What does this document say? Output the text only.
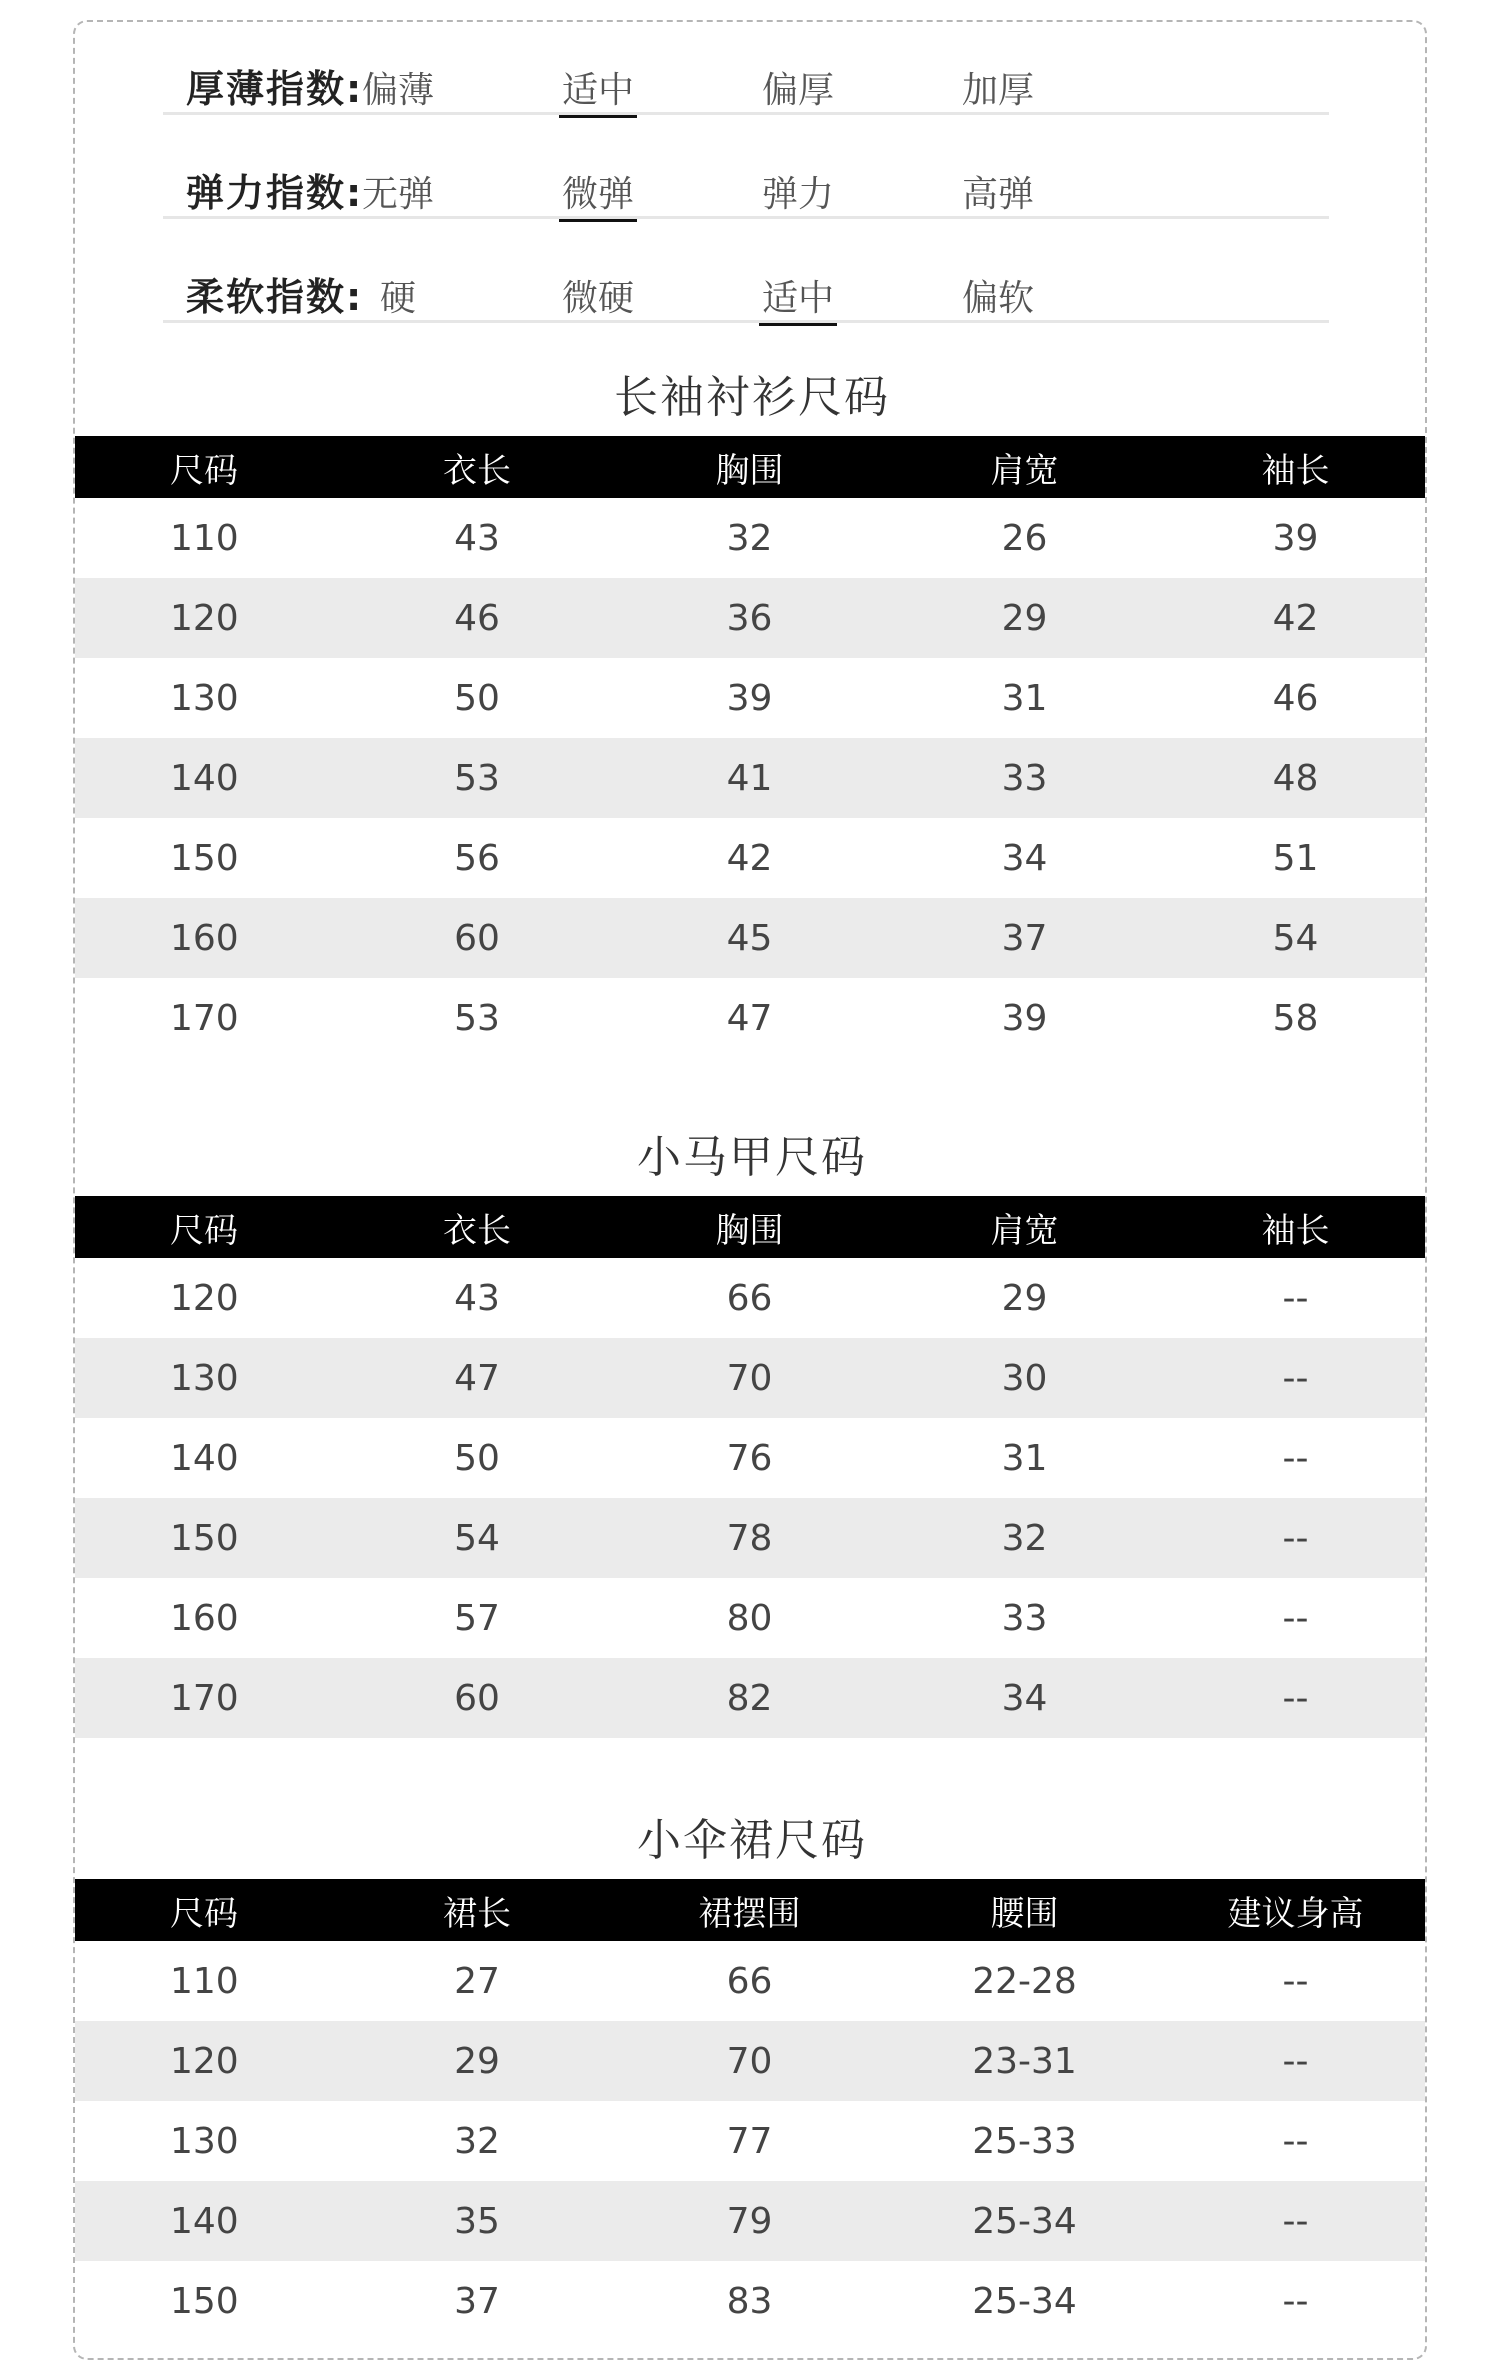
厚薄指数:
偏薄	适中	偏厚	加厚
弹力指数:
无弹	微弹	弹力	高弹
柔软指数: 硬	微硬	适中	偏软
长袖衬衫尺码
尺码	衣长	胸围	肩宽	袖长
110	43	32	26	39
120	46	36	29	42
130	50	39	31	46
140	53	41	33	48
150	56	42	34	51
160	60	45	37	54
170	53	47	39	58
小马甲尺码
尺码	衣长	胸围	肩宽	袖长
120	43	66	29	--
130	47	70	30	--
140	50	76	31	--
150	54	78	32	--
160	57	80	33	--
170	60	82	34	--
小伞裙尺码
尺码	裙长	裙摆围	腰围	建议身高
110	27	66	22-28	--
120	29	70	23-31	--
130	32	77	25-33	--
140	35	79	25-34	--
150	37	83	25-34	--
